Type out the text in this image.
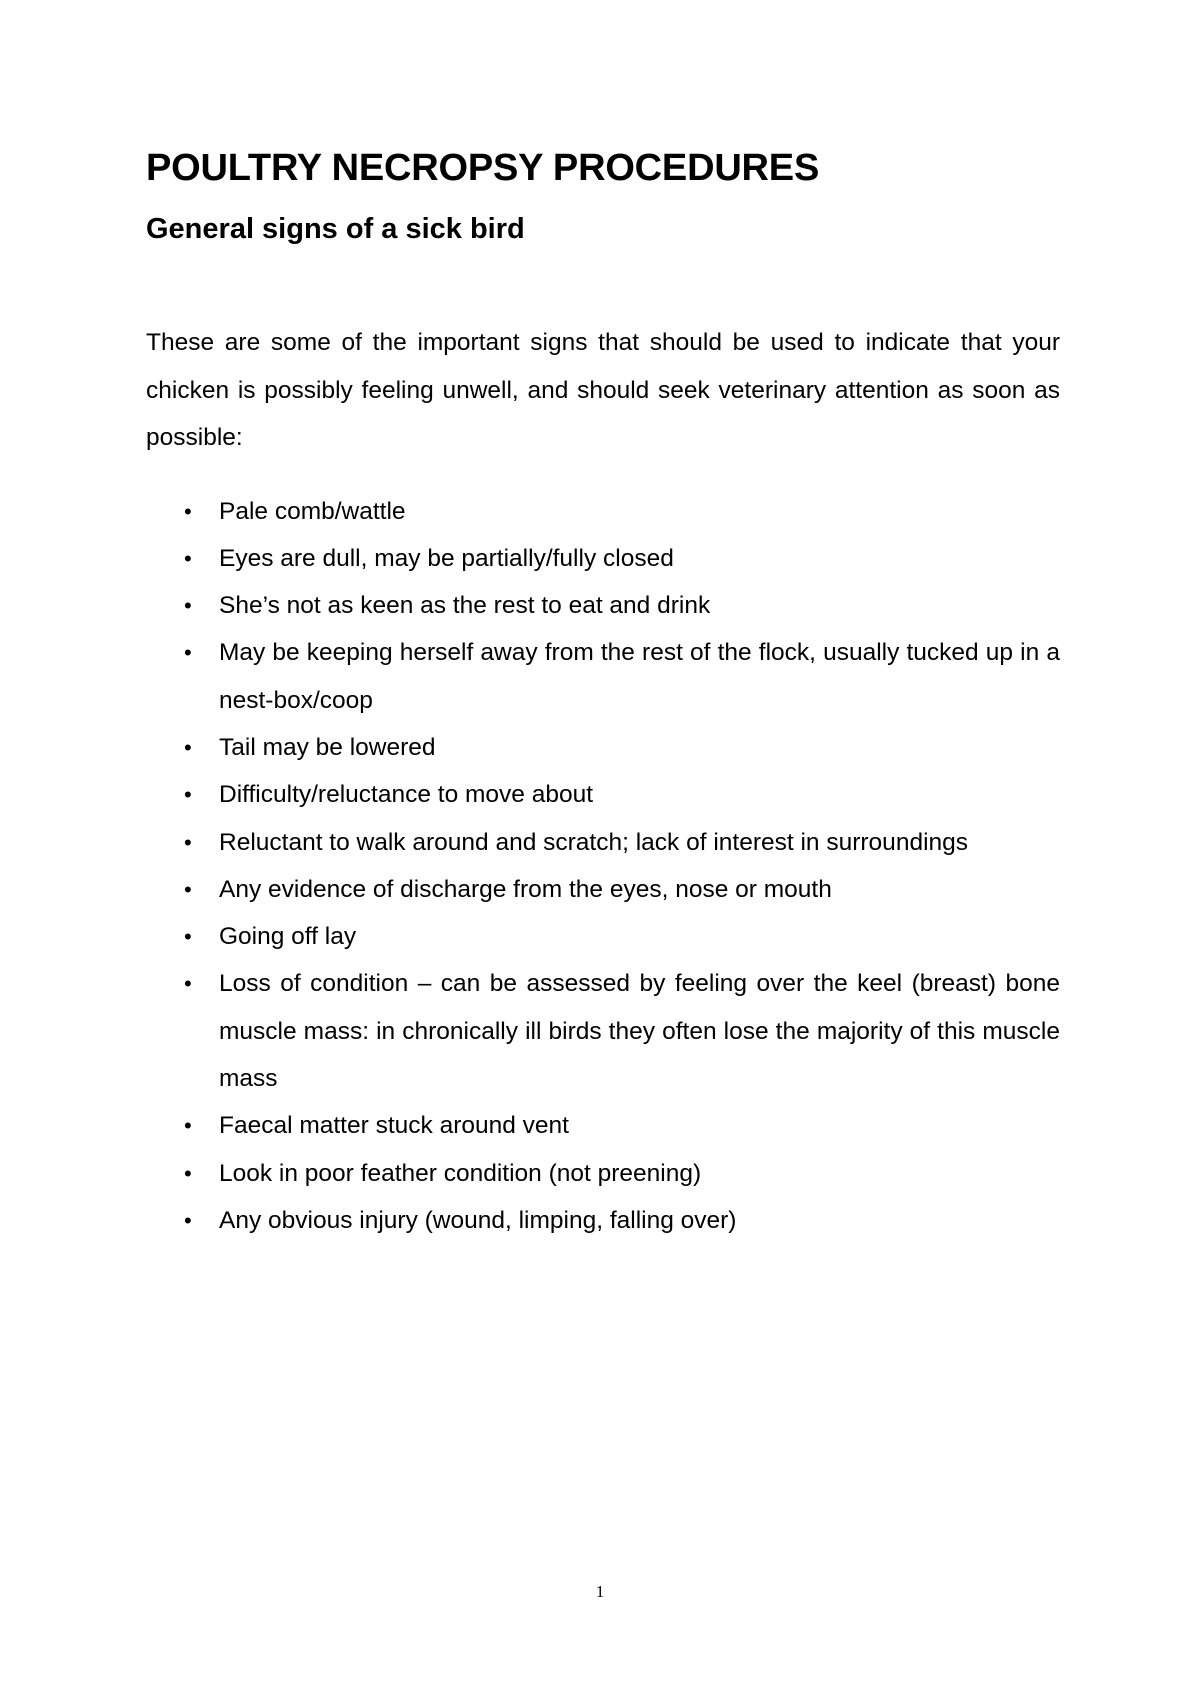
POULTRY NECROPSY PROCEDURES
General signs of a sick bird

These are some of the important signs that should be used to indicate that your chicken is possibly feeling unwell, and should seek veterinary attention as soon as possible:

• Pale comb/wattle
• Eyes are dull, may be partially/fully closed
• She’s not as keen as the rest to eat and drink
• May be keeping herself away from the rest of the flock, usually tucked up in a nest-box/coop
• Tail may be lowered
• Difficulty/reluctance to move about
• Reluctant to walk around and scratch; lack of interest in surroundings
• Any evidence of discharge from the eyes, nose or mouth
• Going off lay
• Loss of condition – can be assessed by feeling over the keel (breast) bone muscle mass: in chronically ill birds they often lose the majority of this muscle mass
• Faecal matter stuck around vent
• Look in poor feather condition (not preening)
• Any obvious injury (wound, limping, falling over)
1
